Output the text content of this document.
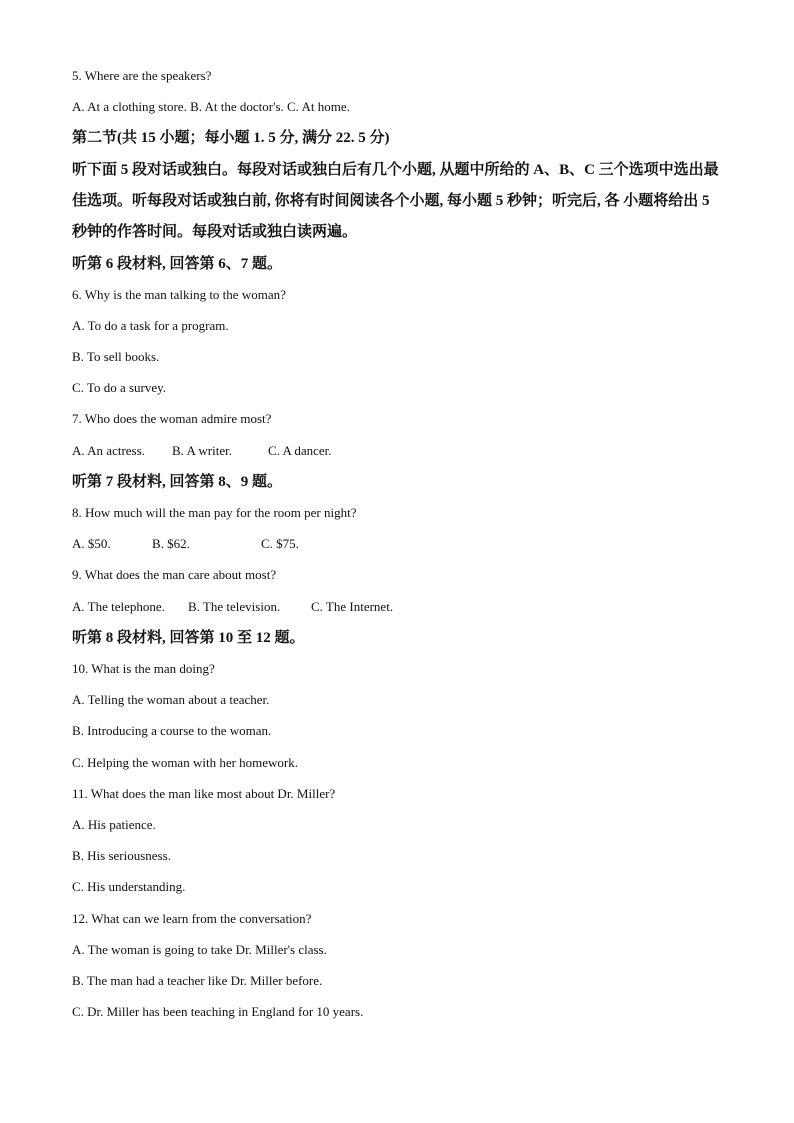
5. Where are the speakers?
A. At a clothing store. B. At the doctor's. C. At home.
第二节(共 15 小题；每小题 1. 5 分, 满分 22. 5 分)
听下面 5 段对话或独白。每段对话或独白后有几个小题, 从题中所给的 A、B、C 三个选项中选出最佳选项。听每段对话或独白前, 你将有时间阅读各个小题, 每小题 5 秒钟；听完后, 各 小题将给出 5 秒钟的作答时间。每段对话或独白读两遍。
听第 6 段材料, 回答第 6、7 题。
6. Why is the man talking to the woman?
A. To do a task for a program.
B. To sell books.
C. To do a survey.
7. Who does the woman admire most?
A. An actress. B. A writer.	C. A dancer.
听第 7 段材料, 回答第 8、9 题。
8. How much will the man pay for the room per night?
A. $50.	B. $62.	C. $75.
9. What does the man care about most?
A. The telephone. B. The television. C. The Internet.
听第 8 段材料, 回答第 10 至 12 题。
10. What is the man doing?
A. Telling the woman about a teacher.
B. Introducing a course to the woman.
C. Helping the woman with her homework.
11. What does the man like most about Dr. Miller?
A. His patience.
B. His seriousness.
C. His understanding.
12. What can we learn from the conversation?
A. The woman is going to take Dr. Miller's class.
B. The man had a teacher like Dr. Miller before.
C. Dr. Miller has been teaching in England for 10 years.
